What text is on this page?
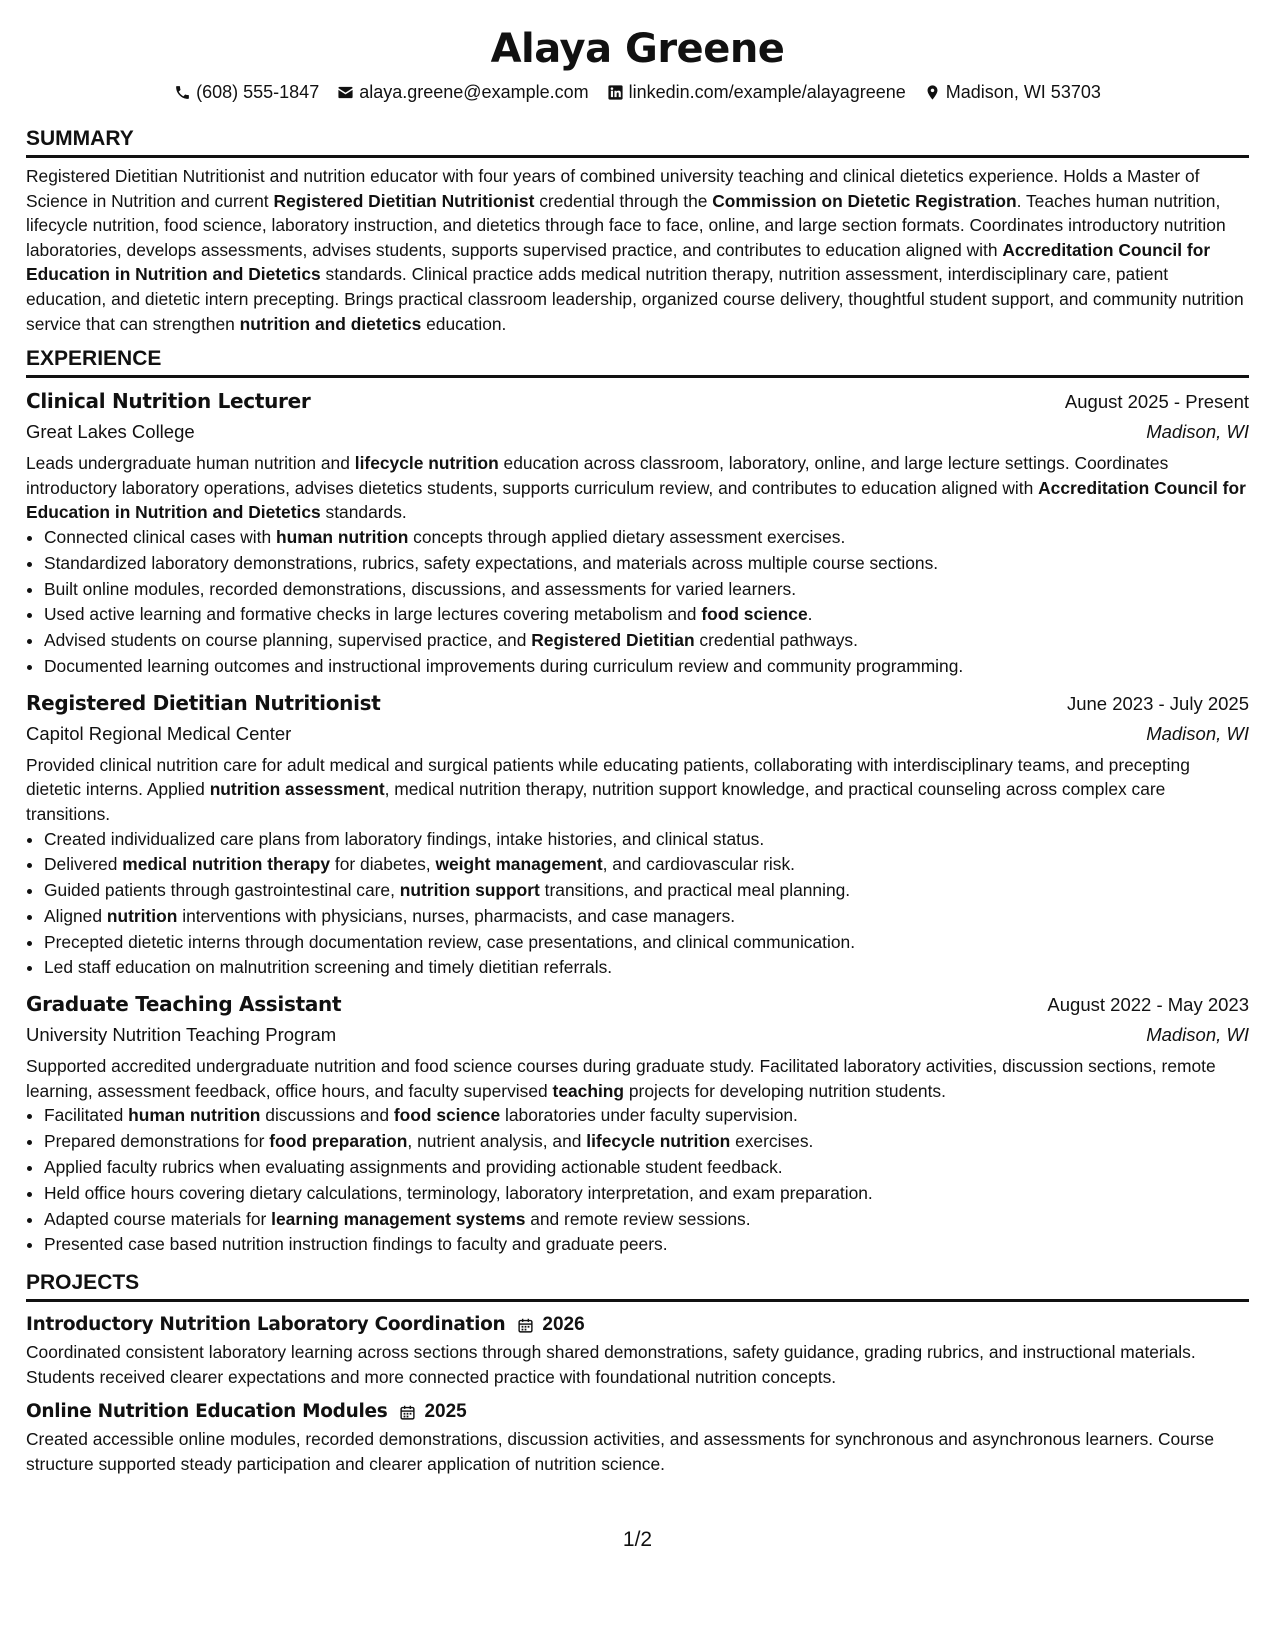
Alaya Greene
(608) 555-1847 alaya.greene@example.com linkedin.com/example/alayagreene Madison, WI 53703
SUMMARY

Registered Dietitian Nutritionist and nutrition educator with four years of combined university teaching and clinical dietetics experience. Holds a Master of Science in Nutrition and current Registered Dietitian Nutritionist credential through the Commission on Dietetic Registration. Teaches human nutrition, lifecycle nutrition, food science, laboratory instruction, and dietetics through face to face, online, and large section formats. Coordinates introductory nutrition laboratories, develops assessments, advises students, supports supervised practice, and contributes to education aligned with Accreditation Council for Education in Nutrition and Dietetics standards. Clinical practice adds medical nutrition therapy, nutrition assessment, interdisciplinary care, patient education, and dietetic intern precepting. Brings practical classroom leadership, organized course delivery, thoughtful student support, and community nutrition service that can strengthen nutrition and dietetics education.

EXPERIENCE
Clinical Nutrition Lecturer	August 2025 - Present
Great Lakes College	Madison, WI

Leads undergraduate human nutrition and lifecycle nutrition education across classroom, laboratory, online, and large lecture settings. Coordinates introductory laboratory operations, advises dietetics students, supports curriculum review, and contributes to education aligned with Accreditation Council for Education in Nutrition and Dietetics standards.

• Connected clinical cases with human nutrition concepts through applied dietary assessment exercises.
• Standardized laboratory demonstrations, rubrics, safety expectations, and materials across multiple course sections.
• Built online modules, recorded demonstrations, discussions, and assessments for varied learners.
• Used active learning and formative checks in large lectures covering metabolism and food science.
• Advised students on course planning, supervised practice, and Registered Dietitian credential pathways.
• Documented learning outcomes and instructional improvements during curriculum review and community programming.
Registered Dietitian Nutritionist	June 2023 - July 2025
Capitol Regional Medical Center	Madison, WI

Provided clinical nutrition care for adult medical and surgical patients while educating patients, collaborating with interdisciplinary teams, and precepting dietetic interns. Applied nutrition assessment, medical nutrition therapy, nutrition support knowledge, and practical counseling across complex care transitions.

• Created individualized care plans from laboratory findings, intake histories, and clinical status.
• Delivered medical nutrition therapy for diabetes, weight management, and cardiovascular risk.
• Guided patients through gastrointestinal care, nutrition support transitions, and practical meal planning.
• Aligned nutrition interventions with physicians, nurses, pharmacists, and case managers.
• Precepted dietetic interns through documentation review, case presentations, and clinical communication.
• Led staff education on malnutrition screening and timely dietitian referrals.
Graduate Teaching Assistant	August 2022 - May 2023
University Nutrition Teaching Program	Madison, WI

Supported accredited undergraduate nutrition and food science courses during graduate study. Facilitated laboratory activities, discussion sections, remote learning, assessment feedback, office hours, and faculty supervised teaching projects for developing nutrition students.

• Facilitated human nutrition discussions and food science laboratories under faculty supervision.
• Prepared demonstrations for food preparation, nutrient analysis, and lifecycle nutrition exercises.
• Applied faculty rubrics when evaluating assignments and providing actionable student feedback.
• Held office hours covering dietary calculations, terminology, laboratory interpretation, and exam preparation.
• Adapted course materials for learning management systems and remote review sessions.
• Presented case based nutrition instruction findings to faculty and graduate peers.
PROJECTS
Introductory Nutrition Laboratory Coordination 2026

Coordinated consistent laboratory learning across sections through shared demonstrations, safety guidance, grading rubrics, and instructional materials. Students received clearer expectations and more connected practice with foundational nutrition concepts.

Online Nutrition Education Modules 2025

Created accessible online modules, recorded demonstrations, discussion activities, and assessments for synchronous and asynchronous learners. Course structure supported steady participation and clearer application of nutrition science.

1/2
